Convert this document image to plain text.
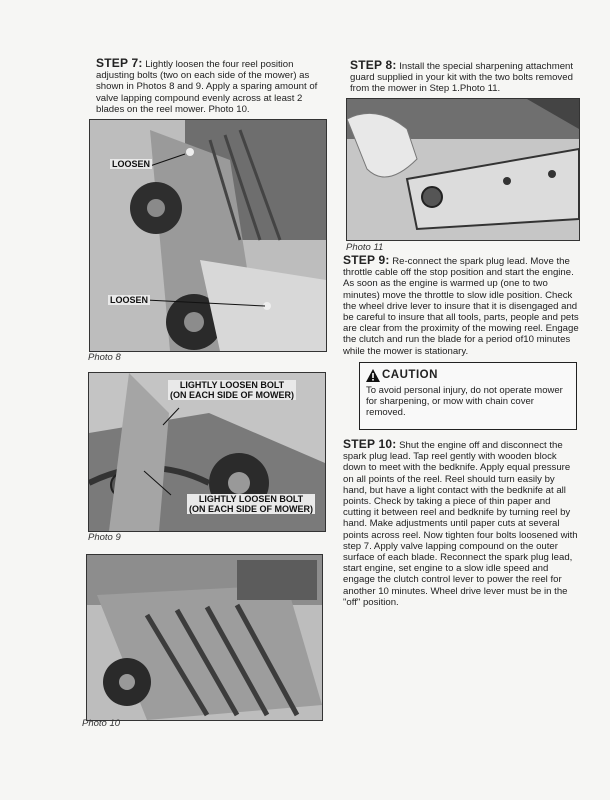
STEP 7: Lightly loosen the four reel position adjusting bolts (two on each side of the mower) as shown in Photos 8 and 9. Apply a sparing amount of valve lapping compound evenly across at least 2 blades on the reel mower. Photo 10.
LOOSEN
LOOSEN
Photo 8
LIGHTLY LOOSEN BOLT
(ON EACH SIDE OF MOWER)
LIGHTLY LOOSEN BOLT
(ON EACH SIDE OF MOWER)
Photo 9
Photo 10
STEP 8: Install the special sharpening attachment guard supplied in your kit with the two bolts removed from the mower in Step 1.Photo 11.
Photo 11
STEP 9: Re-connect the spark plug lead. Move the throttle cable off the stop position and start the engine. As soon as the engine is warmed up (one to two minutes) move the throttle to slow idle position. Check the wheel drive lever to insure that it is disengaged and be careful to insure that all tools, parts, people and pets are clear from the proximity of the mowing reel. Engage the clutch and run the blade for a period of10 minutes while the mower is stationary.
CAUTION
To avoid personal injury, do not operate mower for sharpening, or mow with chain cover removed.
STEP 10: Shut the engine off and disconnect the spark plug lead. Tap reel gently with wooden block down to meet with the bedknife. Apply equal pressure on all points of the reel. Reel should turn easily by hand, but have a light contact with the bedknife at all points. Check by taking a piece of thin paper and cutting it between reel and bedknife by turning reel by hand. Make adjustments until paper cuts at several points across reel. Now tighten four bolts loosened with step 7. Apply valve lapping compound on the outer surface of each blade. Reconnect the spark plug lead, start engine, set engine to a slow idle speed and engage the clutch control lever to power the reel for another 10 minutes. Wheel drive lever must be in the "off" position.
